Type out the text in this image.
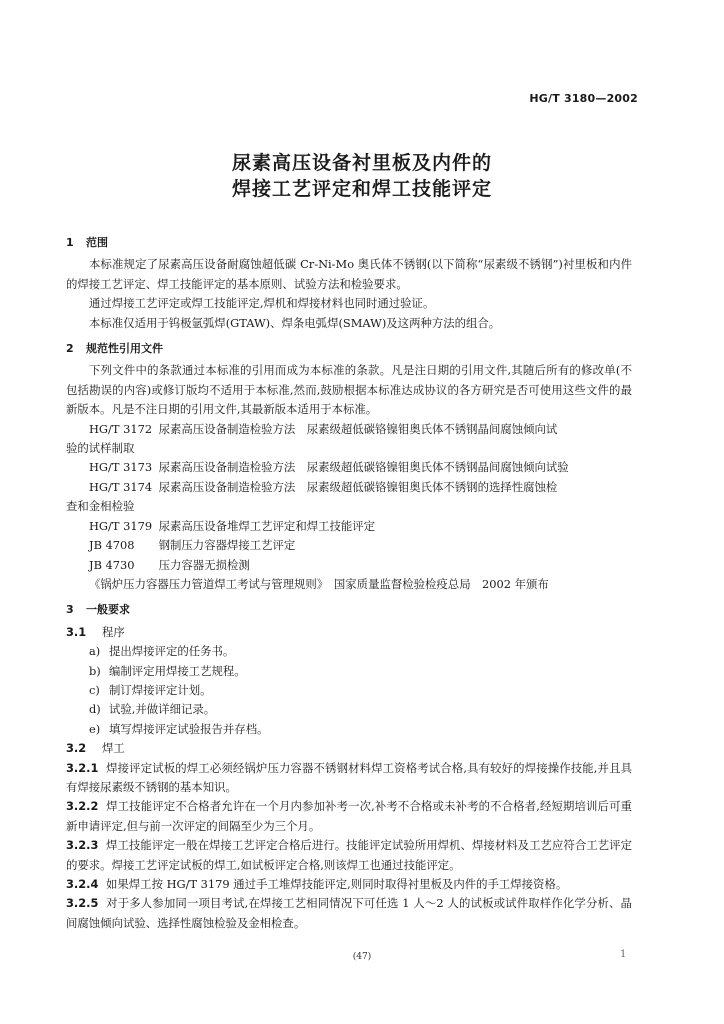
HG/T 3180—2002
尿素高压设备衬里板及内件的
焊接工艺评定和焊工技能评定
1 范围

本标准规定了尿素高压设备耐腐蚀超低碳 Cr-Ni-Mo 奥氏体不锈钢(以下简称“尿素级不锈钢”)衬里板和内件的焊接工艺评定、焊工技能评定的基本原则、试验方法和检验要求。

通过焊接工艺评定或焊工技能评定,焊机和焊接材料也同时通过验证。

本标准仅适用于钨极氩弧焊(GTAW)、焊条电弧焊(SMAW)及这两种方法的组合。

2 规范性引用文件

下列文件中的条款通过本标准的引用而成为本标准的条款。凡是注日期的引用文件,其随后所有的修改单(不包括勘误的内容)或修订版均不适用于本标准,然而,鼓励根据本标准达成协议的各方研究是否可使用这些文件的最新版本。凡是不注日期的引用文件,其最新版本适用于本标准。

HG/T 3172 尿素高压设备制造检验方法　尿素级超低碳铬镍钼奥氏体不锈钢晶间腐蚀倾向试

验的试样制取

HG/T 3173 尿素高压设备制造检验方法　尿素级超低碳铬镍钼奥氏体不锈钢晶间腐蚀倾向试验

HG/T 3174 尿素高压设备制造检验方法　尿素级超低碳铬镍钼奥氏体不锈钢的选择性腐蚀检

查和金相检验

HG/T 3179 尿素高压设备堆焊工艺评定和焊工技能评定

JB 4708 钢制压力容器焊接工艺评定

JB 4730 压力容器无损检测

《锅炉压力容器压力管道焊工考试与管理规则》　国家质量监督检验检疫总局　2002 年颁布

3 一般要求
3.1 程序

a) 提出焊接评定的任务书。

b) 编制评定用焊接工艺规程。

c) 制订焊接评定计划。

d) 试验,并做详细记录。

e) 填写焊接评定试验报告并存档。

3.2 焊工

3.2.1 焊接评定试板的焊工必须经锅炉压力容器不锈钢材料焊工资格考试合格,具有较好的焊接操作技能,并且具有焊接尿素级不锈钢的基本知识。

3.2.2 焊工技能评定不合格者允许在一个月内参加补考一次,补考不合格或未补考的不合格者,经短期培训后可重新申请评定,但与前一次评定的间隔至少为三个月。

3.2.3 焊工技能评定一般在焊接工艺评定合格后进行。技能评定试验所用焊机、焊接材料及工艺应符合工艺评定的要求。焊接工艺评定试板的焊工,如试板评定合格,则该焊工也通过技能评定。

3.2.4 如果焊工按 HG/T 3179 通过手工堆焊技能评定,则同时取得衬里板及内件的手工焊接资格。

3.2.5 对于多人参加同一项目考试,在焊接工艺相同情况下可任选 1 人～2 人的试板或试件取样作化学分析、晶间腐蚀倾向试验、选择性腐蚀检验及金相检查。

(47)	1
